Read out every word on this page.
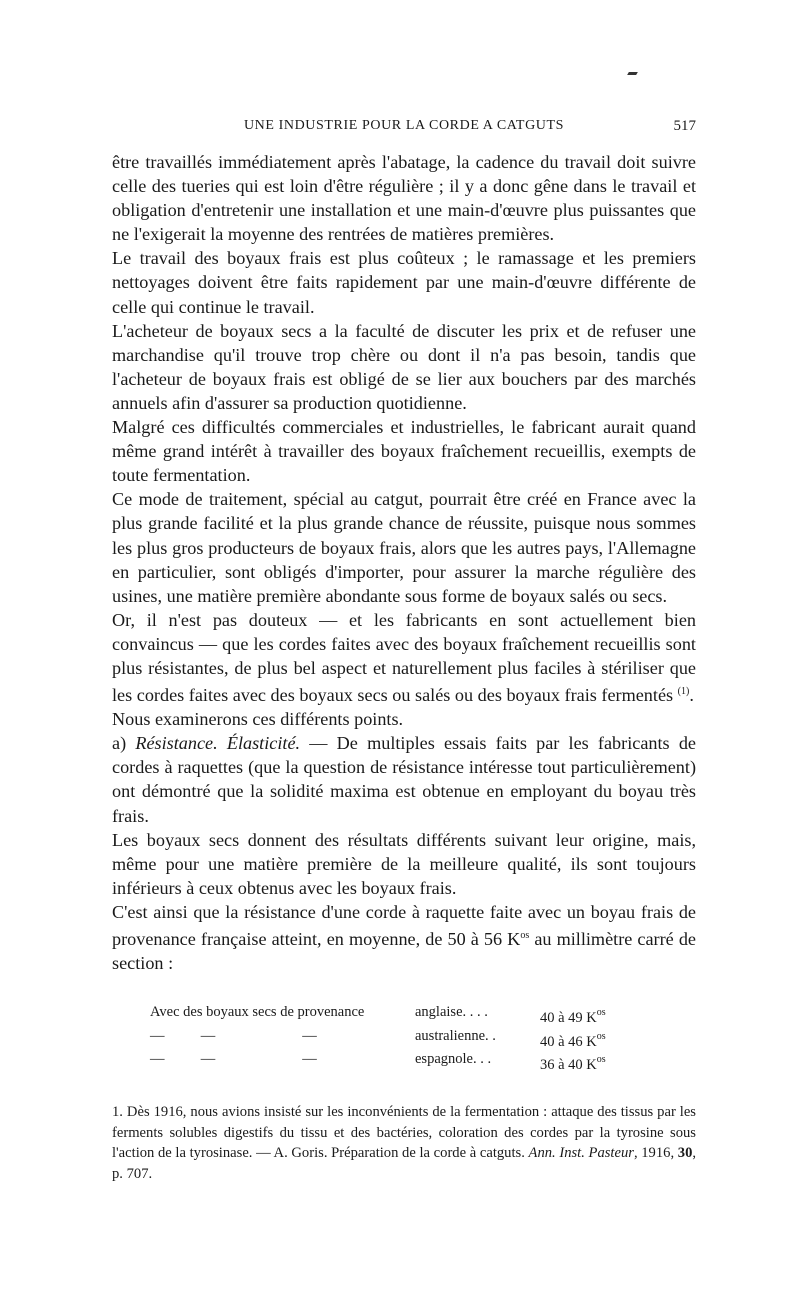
UNE INDUSTRIE POUR LA CORDE A CATGUTS	517

être travaillés immédiatement après l'abatage, la cadence du travail doit suivre celle des tueries qui est loin d'être régulière ; il y a donc gêne dans le travail et obligation d'entretenir une installation et une main-d'œuvre plus puissantes que ne l'exigerait la moyenne des rentrées de matières premières.

Le travail des boyaux frais est plus coûteux ; le ramassage et les premiers nettoyages doivent être faits rapidement par une main-d'œuvre différente de celle qui continue le travail.

L'acheteur de boyaux secs a la faculté de discuter les prix et de refuser une marchandise qu'il trouve trop chère ou dont il n'a pas besoin, tandis que l'acheteur de boyaux frais est obligé de se lier aux bouchers par des marchés annuels afin d'assurer sa production quotidienne.

Malgré ces difficultés commerciales et industrielles, le fabricant aurait quand même grand intérêt à travailler des boyaux fraîchement recueillis, exempts de toute fermentation.

Ce mode de traitement, spécial au catgut, pourrait être créé en France avec la plus grande facilité et la plus grande chance de réussite, puisque nous sommes les plus gros producteurs de boyaux frais, alors que les autres pays, l'Allemagne en particulier, sont obligés d'importer, pour assurer la marche régulière des usines, une matière première abondante sous forme de boyaux salés ou secs.

Or, il n'est pas douteux — et les fabricants en sont actuellement bien convaincus — que les cordes faites avec des boyaux fraîchement recueillis sont plus résistantes, de plus bel aspect et naturellement plus faciles à stériliser que les cordes faites avec des boyaux secs ou salés ou des boyaux frais fermentés $^{(1)}$.

Nous examinerons ces différents points.

a) Résistance. Élasticité. — De multiples essais faits par les fabricants de cordes à raquettes (que la question de résistance intéresse tout particulièrement) ont démontré que la solidité maxima est obtenue en employant du boyau très frais.

Les boyaux secs donnent des résultats différents suivant leur origine, mais, même pour une matière première de la meilleure qualité, ils sont toujours inférieurs à ceux obtenus avec les boyaux frais.

C'est ainsi que la résistance d'une corde à raquette faite avec un boyau frais de provenance française atteint, en moyenne, de 50 à 56 $K^{os}$ au millimètre carré de section :

Avec des boyaux secs de provenance	anglaise. . . .	40 à 49 $K^{os}$
—          —                        —	australienne. .	40 à 46 $K^{os}$
—          —                        —	espagnole. . .	36 à 40 $K^{os}$

1. Dès 1916, nous avions insisté sur les inconvénients de la fermentation : attaque des tissus par les ferments solubles digestifs du tissu et des bactéries, coloration des cordes par la tyrosine sous l'action de la tyrosinase. — A. Goris. Préparation de la corde à catguts. Ann. Inst. Pasteur, 1916, 30, p. 707.
